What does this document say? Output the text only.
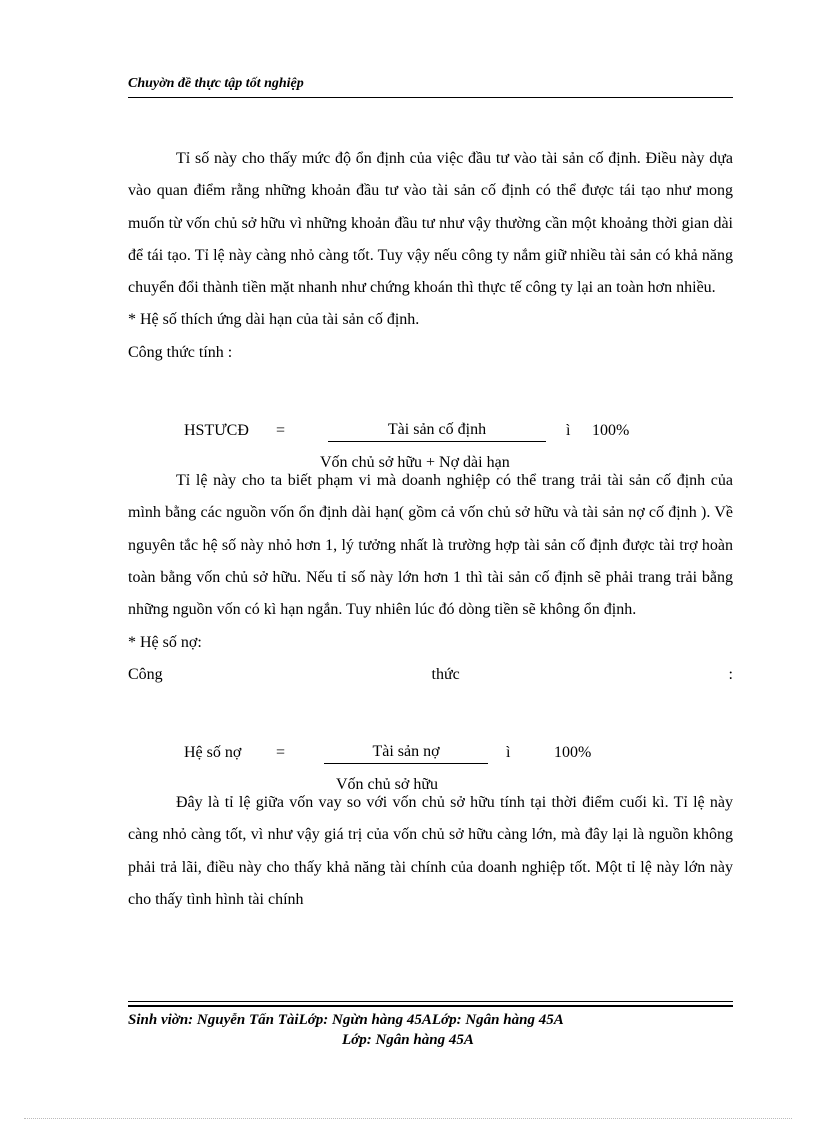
Chuyờn đề thực tập tốt nghiệp

Tỉ số này cho thấy mức độ ổn định của việc đầu tư vào tài sản cố định. Điều này dựa vào quan điểm rằng những khoản đầu tư vào tài sản cố định có thể được tái tạo như mong muốn từ vốn chủ sở hữu vì những khoản đầu tư như vậy thường cần một khoảng thời gian dài để tái tạo. Tỉ lệ này càng nhỏ càng tốt. Tuy vậy nếu công ty nắm giữ nhiều tài sản có khả năng chuyển đổi thành tiền mặt nhanh như chứng khoán thì thực tế công ty lại an toàn hơn nhiều.

* Hệ số thích ứng dài hạn của tài sản cố định.

Công thức tính :

HSTƯCĐ =	Tài sản cố định	ì 100%
Vốn chủ sở hữu + Nợ dài hạn

Tỉ lệ này cho ta biết phạm vi mà doanh nghiệp có thể trang trải tài sản cố định của mình bằng các nguồn vốn ổn định dài hạn( gồm cả vốn chủ sở hữu và tài sản nợ cố định ). Về nguyên tắc hệ số này nhỏ hơn 1, lý tưởng nhất là trường hợp tài sản cố định được tài trợ hoàn toàn bằng vốn chủ sở hữu. Nếu tỉ số này lớn hơn 1 thì tài sản cố định sẽ phải trang trải bằng những nguồn vốn có kì hạn ngắn. Tuy nhiên lúc đó dòng tiền sẽ không ổn định.

* Hệ số nợ:

Công	thức	:

Hệ số nợ =	Tài sản nợ	ì	100%
Vốn chủ sở hữu

Đây là tỉ lệ giữa vốn vay so với vốn chủ sở hữu tính tại thời điểm cuối kì. Tỉ lệ này càng nhỏ càng tốt, vì như vậy giá trị của vốn chủ sở hữu càng lớn, mà đây lại là nguồn không phải trả lãi, điều này cho thấy khả năng tài chính của doanh nghiệp tốt. Một tỉ lệ này lớn này cho thấy tình hình tài chính

Sinh viờn: Nguyễn Tấn TàiLớp: Ngừn hàng 45ALớp: Ngân hàng 45A
Lớp: Ngân hàng 45A
